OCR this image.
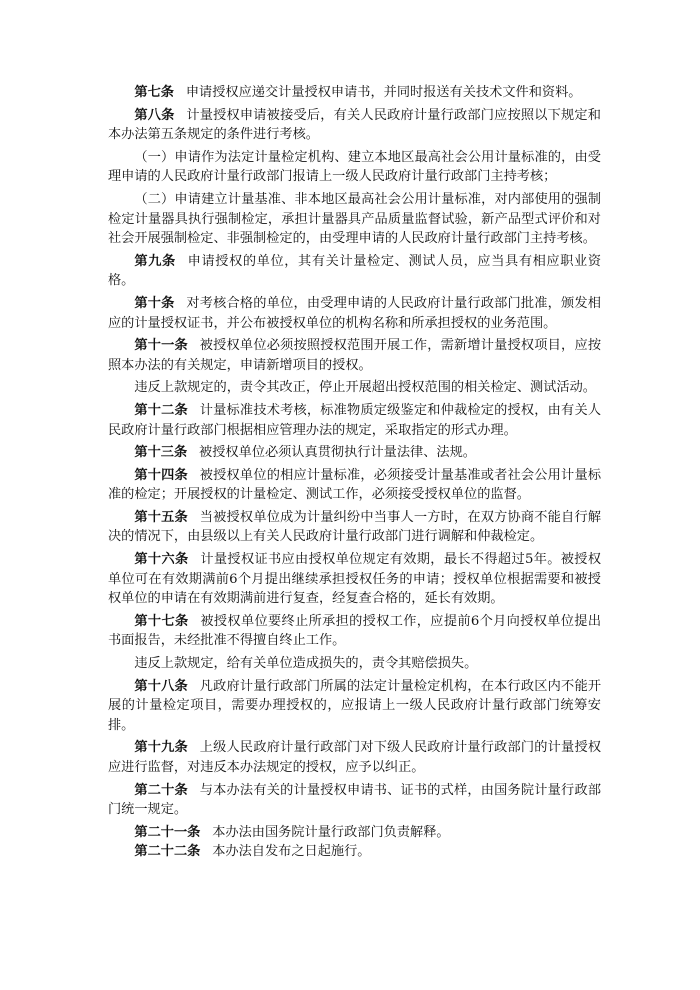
第七条 申请授权应递交计量授权申请书，并同时报送有关技术文件和资料。

第八条 计量授权申请被接受后，有关人民政府计量行政部门应按照以下规定和本办法第五条规定的条件进行考核。

（一）申请作为法定计量检定机构、建立本地区最高社会公用计量标准的，由受理申请的人民政府计量行政部门报请上一级人民政府计量行政部门主持考核；

（二）申请建立计量基准、非本地区最高社会公用计量标准，对内部使用的强制检定计量器具执行强制检定，承担计量器具产品质量监督试验，新产品型式评价和对社会开展强制检定、非强制检定的，由受理申请的人民政府计量行政部门主持考核。

第九条 申请授权的单位，其有关计量检定、测试人员，应当具有相应职业资格。

第十条 对考核合格的单位，由受理申请的人民政府计量行政部门批准，颁发相应的计量授权证书，并公布被授权单位的机构名称和所承担授权的业务范围。

第十一条 被授权单位必须按照授权范围开展工作，需新增计量授权项目，应按照本办法的有关规定，申请新增项目的授权。

违反上款规定的，责令其改正，停止开展超出授权范围的相关检定、测试活动。

第十二条 计量标准技术考核，标准物质定级鉴定和仲裁检定的授权，由有关人民政府计量行政部门根据相应管理办法的规定，采取指定的形式办理。

第十三条 被授权单位必须认真贯彻执行计量法律、法规。

第十四条 被授权单位的相应计量标准，必须接受计量基准或者社会公用计量标准的检定；开展授权的计量检定、测试工作，必须接受授权单位的监督。

第十五条 当被授权单位成为计量纠纷中当事人一方时，在双方协商不能自行解决的情况下，由县级以上有关人民政府计量行政部门进行调解和仲裁检定。

第十六条 计量授权证书应由授权单位规定有效期，最长不得超过5年。被授权单位可在有效期满前6个月提出继续承担授权任务的申请；授权单位根据需要和被授权单位的申请在有效期满前进行复查，经复查合格的，延长有效期。

第十七条 被授权单位要终止所承担的授权工作，应提前6个月向授权单位提出书面报告，未经批准不得擅自终止工作。

违反上款规定，给有关单位造成损失的，责令其赔偿损失。

第十八条 凡政府计量行政部门所属的法定计量检定机构，在本行政区内不能开展的计量检定项目，需要办理授权的，应报请上一级人民政府计量行政部门统筹安排。

第十九条 上级人民政府计量行政部门对下级人民政府计量行政部门的计量授权应进行监督，对违反本办法规定的授权，应予以纠正。

第二十条 与本办法有关的计量授权申请书、证书的式样，由国务院计量行政部门统一规定。

第二十一条 本办法由国务院计量行政部门负责解释。

第二十二条 本办法自发布之日起施行。
